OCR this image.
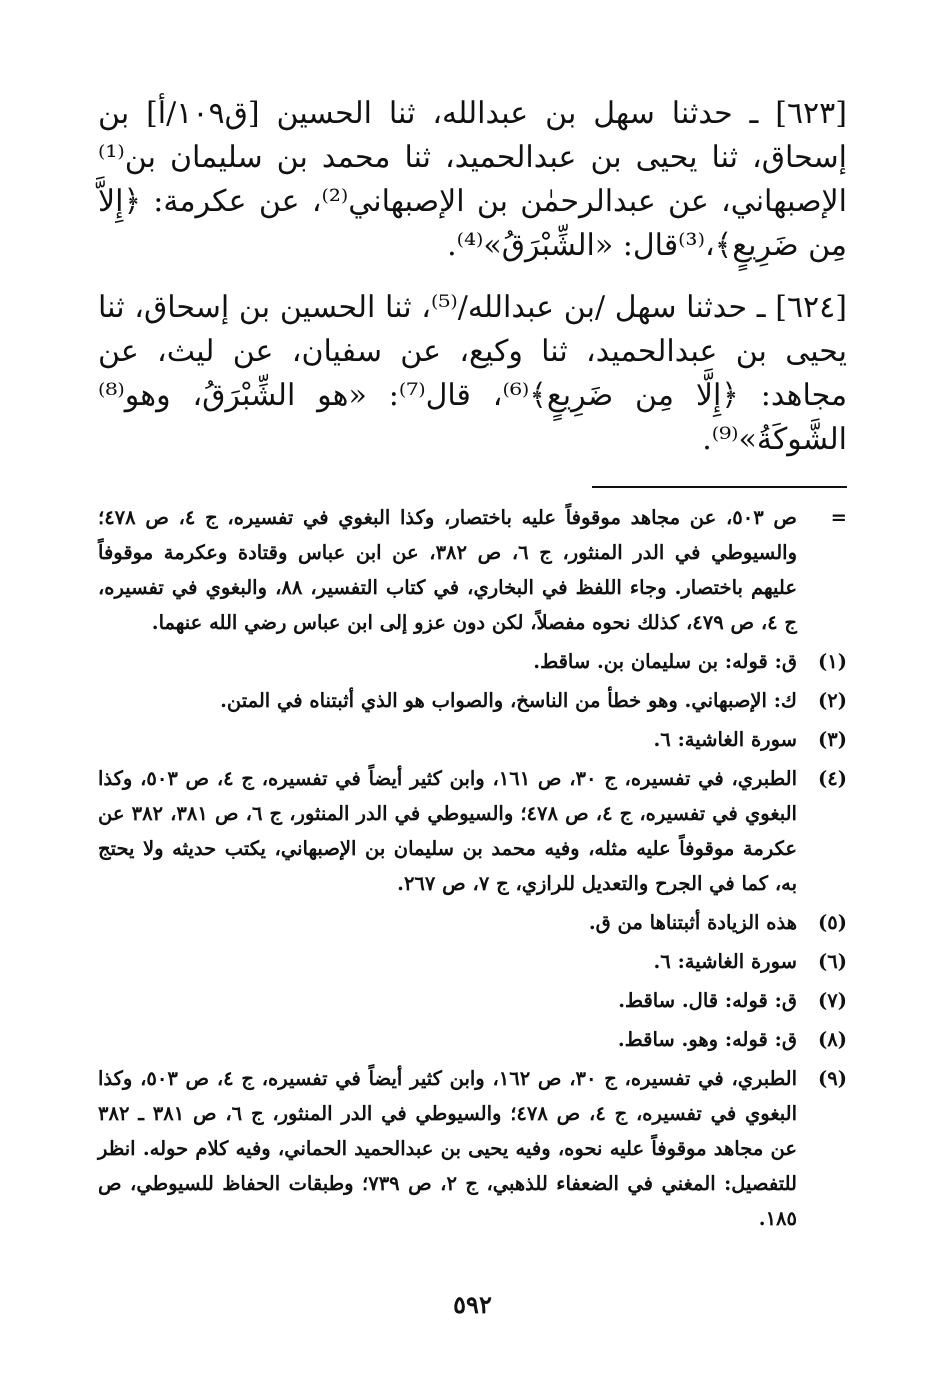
[٦٢٣] ـ حدثنا سهل بن عبدالله، ثنا الحسين [ق١٠٩/أ] بن إسحاق، ثنا يحيى بن عبدالحميد، ثنا محمد بن سليمان بن⁽¹⁾ الإصبهاني، عن عبدالرحمٰن بن الإصبهاني⁽²⁾، عن عكرمة: ﴿إِلاَّ مِن ضَرِيعٍ﴾،⁽³⁾قال: «الشِّبْرَقُ»⁽⁴⁾.

[٦٢٤] ـ حدثنا سهل /بن عبدالله/⁽⁵⁾، ثنا الحسين بن إسحاق، ثنا يحيى بن عبدالحميد، ثنا وكيع، عن سفيان، عن ليث، عن مجاهد: ﴿إِلَّا مِن ضَرِيعٍ﴾⁽⁶⁾، قال⁽⁷⁾: «هو الشِّبْرَقُ، وهو⁽⁸⁾ الشَّوكَةُ»⁽⁹⁾.

=
ص ٥٠٣، عن مجاهد موقوفاً عليه باختصار، وكذا البغوي في تفسيره، ج ٤، ص ٤٧٨؛ والسيوطي في الدر المنثور، ج ٦، ص ٣٨٢، عن ابن عباس وقتادة وعكرمة موقوفاً عليهم باختصار. وجاء اللفظ في البخاري، في كتاب التفسير، ٨٨، والبغوي في تفسيره، ج ٤، ص ٤٧٩، كذلك نحوه مفصلاً، لكن دون عزو إلى ابن عباس رضي الله عنهما.
(١)
ق: قوله: بن سليمان بن. ساقط.
(٢)
ك: الإصبهاني. وهو خطأ من الناسخ، والصواب هو الذي أثبتناه في المتن.
(٣)
سورة الغاشية: ٦.
(٤)
الطبري، في تفسيره، ج ٣٠، ص ١٦١، وابن كثير أيضاً في تفسيره، ج ٤، ص ٥٠٣، وكذا البغوي في تفسيره، ج ٤، ص ٤٧٨؛ والسيوطي في الدر المنثور، ج ٦، ص ٣٨١، ٣٨٢ عن عكرمة موقوفاً عليه مثله، وفيه محمد بن سليمان بن الإصبهاني، يكتب حديثه ولا يحتج به، كما في الجرح والتعديل للرازي، ج ٧، ص ٢٦٧.
(٥)
هذه الزيادة أثبتناها من ق.
(٦)
سورة الغاشية: ٦.
(٧)
ق: قوله: قال. ساقط.
(٨)
ق: قوله: وهو. ساقط.
(٩)
الطبري، في تفسيره، ج ٣٠، ص ١٦٢، وابن كثير أيضاً في تفسيره، ج ٤، ص ٥٠٣، وكذا البغوي في تفسيره، ج ٤، ص ٤٧٨؛ والسيوطي في الدر المنثور، ج ٦، ص ٣٨١ ـ ٣٨٢ عن مجاهد موقوفاً عليه نحوه، وفيه يحيى بن عبدالحميد الحماني، وفيه كلام حوله. انظر للتفصيل: المغني في الضعفاء للذهبي، ج ٢، ص ٧٣٩؛ وطبقات الحفاظ للسيوطي، ص ١٨٥.
٥٩٢
